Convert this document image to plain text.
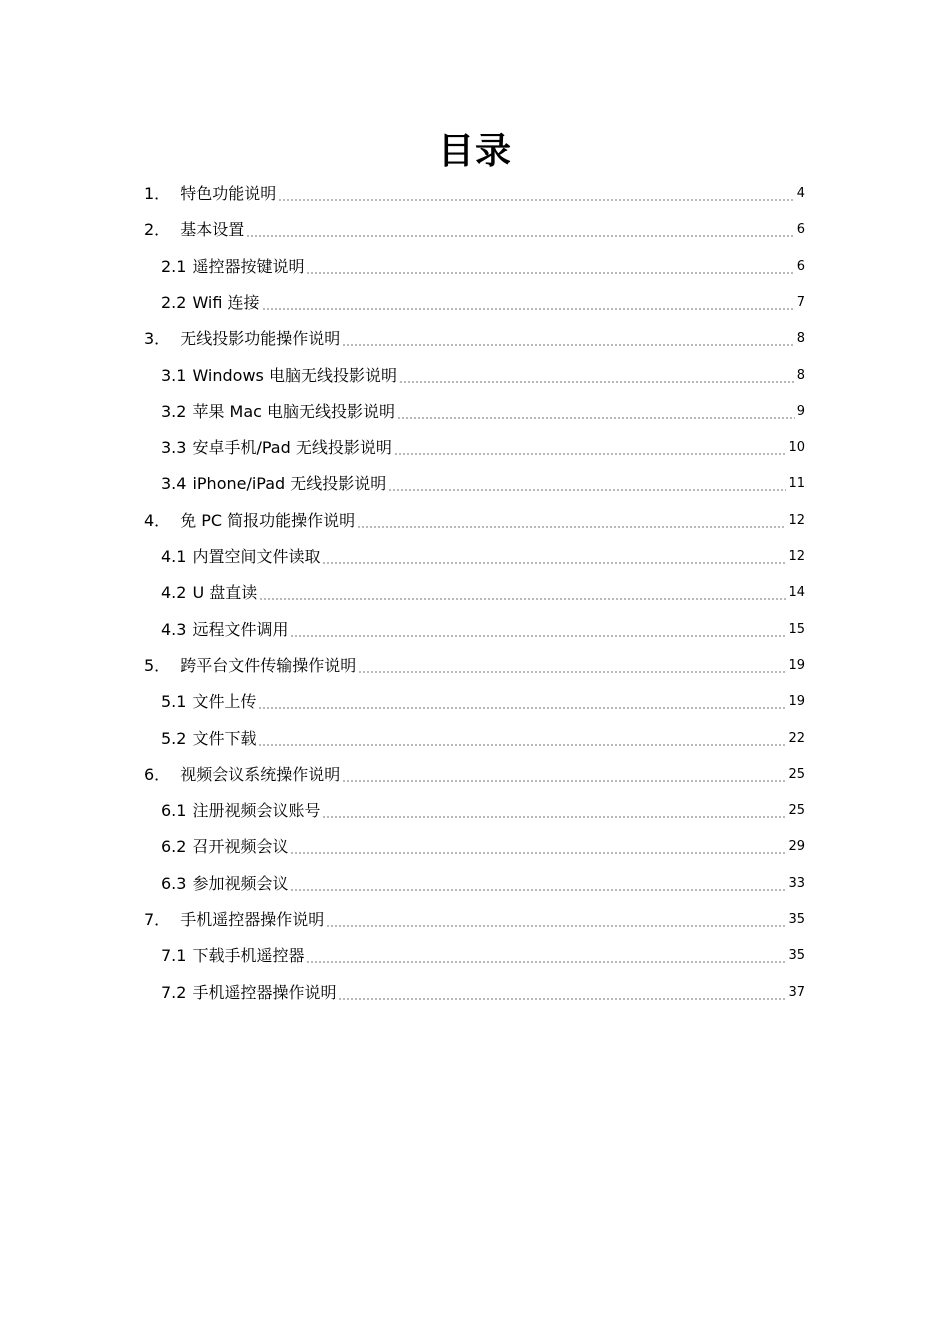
目录
1． 特色功能说明	4
2． 基本设置	6
2.1 遥控器按键说明	6
2.2 Wifi 连接	7
3． 无线投影功能操作说明	8
3.1 Windows 电脑无线投影说明	8
3.2 苹果 Mac 电脑无线投影说明	9
3.3 安卓手机/Pad 无线投影说明	10
3.4 iPhone/iPad 无线投影说明	11
4． 免 PC 简报功能操作说明	12
4.1 内置空间文件读取	12
4.2 U 盘直读	14
4.3 远程文件调用	15
5． 跨平台文件传输操作说明	19
5.1 文件上传	19
5.2 文件下载	22
6． 视频会议系统操作说明	25
6.1 注册视频会议账号	25
6.2 召开视频会议	29
6.3 参加视频会议	33
7． 手机遥控器操作说明	35
7.1 下载手机遥控器	35
7.2 手机遥控器操作说明	37
